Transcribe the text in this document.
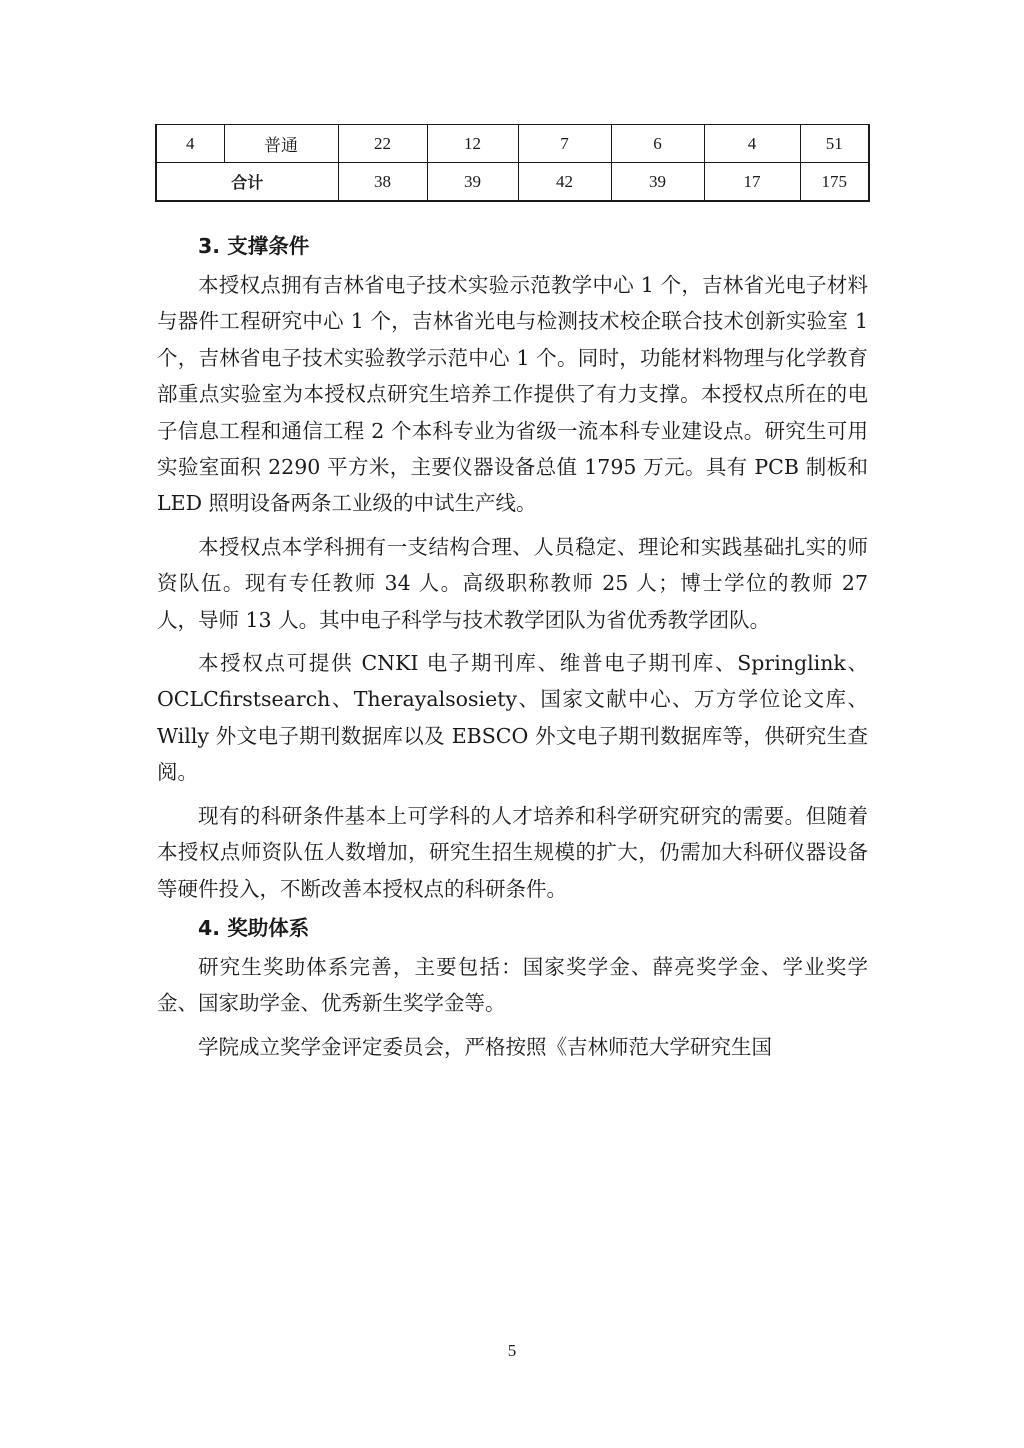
4	普通	22	12	7	6	4	51
合计		38	39	42	39	17	175
3. 支撑条件

本授权点拥有吉林省电子技术实验示范教学中心 1 个，吉林省光电子材料与器件工程研究中心 1 个，吉林省光电与检测技术校企联合技术创新实验室 1 个，吉林省电子技术实验教学示范中心 1 个。同时，功能材料物理与化学教育部重点实验室为本授权点研究生培养工作提供了有力支撑。本授权点所在的电子信息工程和通信工程 2 个本科专业为省级一流本科专业建设点。研究生可用实验室面积 2290 平方米，主要仪器设备总值 1795 万元。具有 PCB 制板和 LED 照明设备两条工业级的中试生产线。

本授权点本学科拥有一支结构合理、人员稳定、理论和实践基础扎实的师资队伍。现有专任教师 34 人。高级职称教师 25 人；博士学位的教师 27 人，导师 13 人。其中电子科学与技术教学团队为省优秀教学团队。

本授权点可提供 CNKI 电子期刊库、维普电子期刊库、Springlink、OCLCfirstsearch、Therayalsosiety、国家文献中心、万方学位论文库、Willy 外文电子期刊数据库以及 EBSCO 外文电子期刊数据库等，供研究生查阅。

现有的科研条件基本上可学科的人才培养和科学研究研究的需要。但随着本授权点师资队伍人数增加，研究生招生规模的扩大，仍需加大科研仪器设备等硬件投入，不断改善本授权点的科研条件。

4. 奖助体系

研究生奖助体系完善，主要包括：国家奖学金、薛亮奖学金、学业奖学金、国家助学金、优秀新生奖学金等。

学院成立奖学金评定委员会，严格按照《吉林师范大学研究生国

5
